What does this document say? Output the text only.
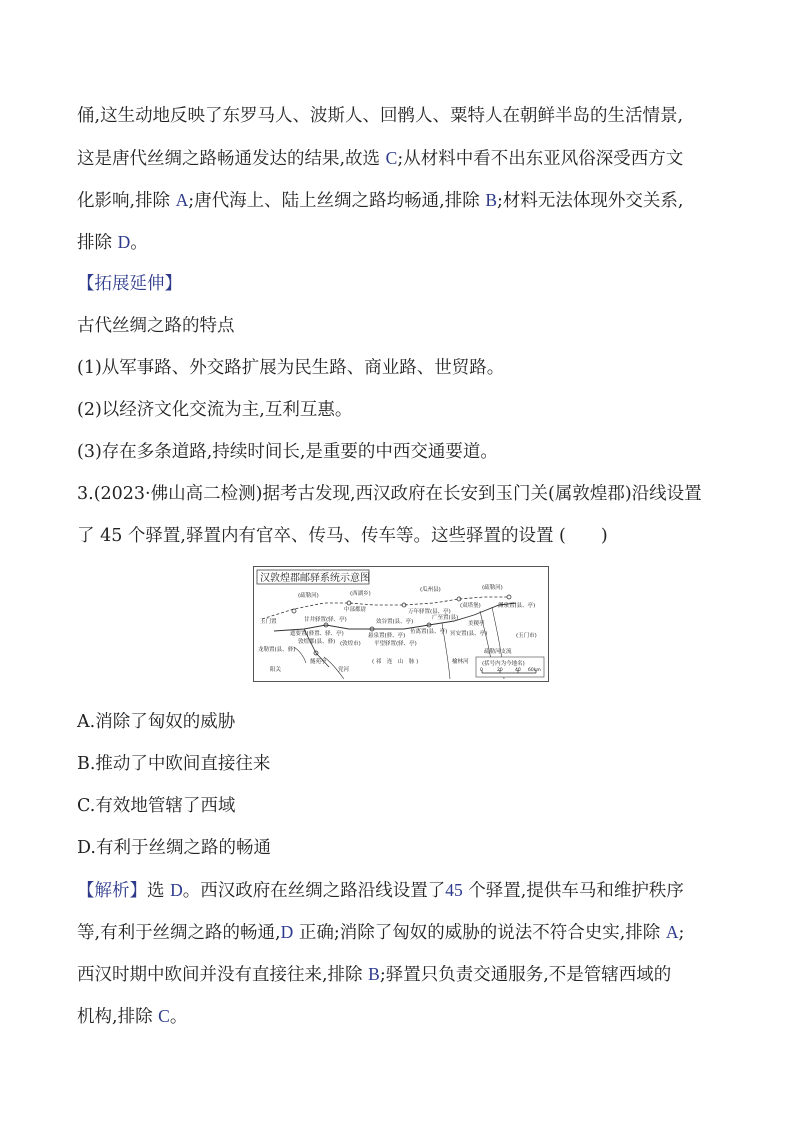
俑,这生动地反映了东罗马人、波斯人、回鹘人、粟特人在朝鲜半岛的生活情景,
这是唐代丝绸之路畅通发达的结果,故选 C;从材料中看不出东亚风俗深受西方文
化影响,排除 A;唐代海上、陆上丝绸之路均畅通,排除 B;材料无法体现外交关系,
排除 D。
【拓展延伸】
古代丝绸之路的特点
(1)从军事路、外交路扩展为民生路、商业路、世贸路。
(2)以经济文化交流为主,互利互惠。
(3)存在多条道路,持续时间长,是重要的中西交通要道。
3.(2023·佛山高二检测)据考古发现,西汉政府在长安到玉门关(属敦煌郡)沿线设置
了 45 个驿置,驿置内有官卒、传马、传车等。这些驿置的设置 (　　)
汉敦煌郡邮驿系统示意图
(疏勒河)	(西湖乡)
(瓜州县)	(疏勒河)
玉门置
中部都尉	万年驿置(县、亭)
(双塔堡)	渊泉置(县、亭)
甘井驿置(驿、亭)	效谷置(县、亭)
广至置(县)
美稷亭
(玉门市)
遮要置(驿置、驿、亭)	悬泉置(驿、亭)
鱼离置(县、亭)
敦煌郡(县、驿) (敦煌市) 平望驿置(驿、亭)
冥安置(县、亭)
龙勒置(县、驿)
阳关
燧苑亭
党河
( 祁　连　山　脉 )	榆林河
疏勒河支流
(括号内为今地名)
0	20	40 60km
A.消除了匈奴的威胁
B.推动了中欧间直接往来
C.有效地管辖了西域
D.有利于丝绸之路的畅通
【解析】选 D。西汉政府在丝绸之路沿线设置了45 个驿置,提供车马和维护秩序
等,有利于丝绸之路的畅通,D 正确;消除了匈奴的威胁的说法不符合史实,排除 A;
西汉时期中欧间并没有直接往来,排除 B;驿置只负责交通服务,不是管辖西域的
机构,排除 C。
